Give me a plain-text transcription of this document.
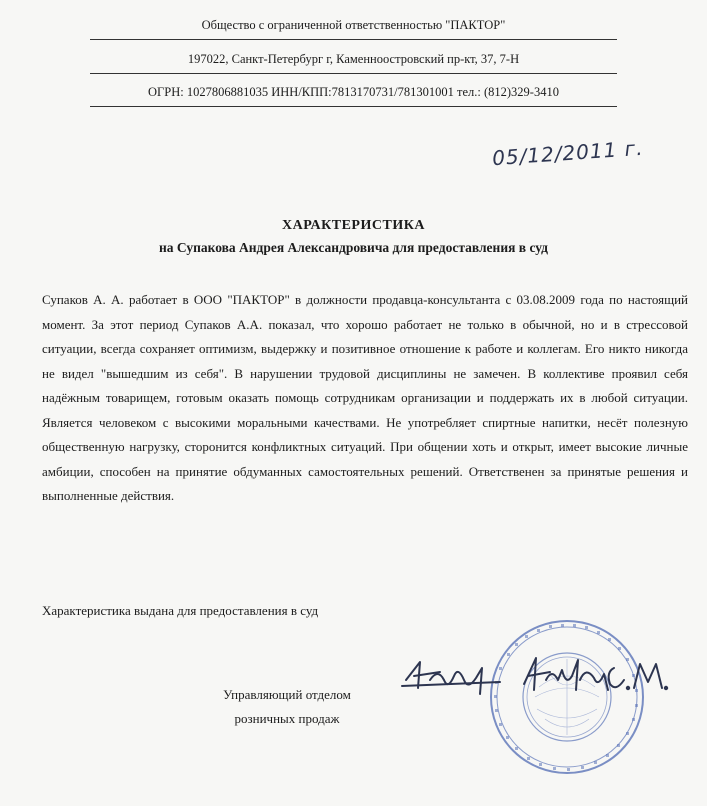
Общество с ограниченной ответственностью "ПАКТОР"
197022, Санкт-Петербург г, Каменноостровский пр-кт, 37, 7-Н
ОГРН: 1027806881035 ИНН/КПП:7813170731/781301001 тел.: (812)329-3410
05/12/2011 г.
ХАРАКТЕРИСТИКА
на Супакова Андрея Александровича для предоставления в суд
Супаков А. А. работает в ООО "ПАКТОР" в должности продавца-консультанта с 03.08.2009 года по настоящий момент. За этот период Супаков А.А. показал, что хорошо работает не только в обычной, но и в стрессовой ситуации, всегда сохраняет оптимизм, выдержку и позитивное отношение к работе и коллегам. Его никто никогда не видел "вышедшим из себя". В нарушении трудовой дисциплины не замечен. В коллективе проявил себя надёжным товарищем, готовым оказать помощь сотрудникам организации и поддержать их в любой ситуации. Является человеком с высокими моральными качествами. Не употребляет спиртные напитки, несёт полезную общественную нагрузку, сторонится конфликтных ситуаций. При общении хоть и открыт, имеет высокие личные амбиции, способен на принятие обдуманных самостоятельных решений. Ответственен за принятые решения и выполненные действия.
Характеристика выдана для предоставления в суд
Управляющий отделом
розничных продаж
